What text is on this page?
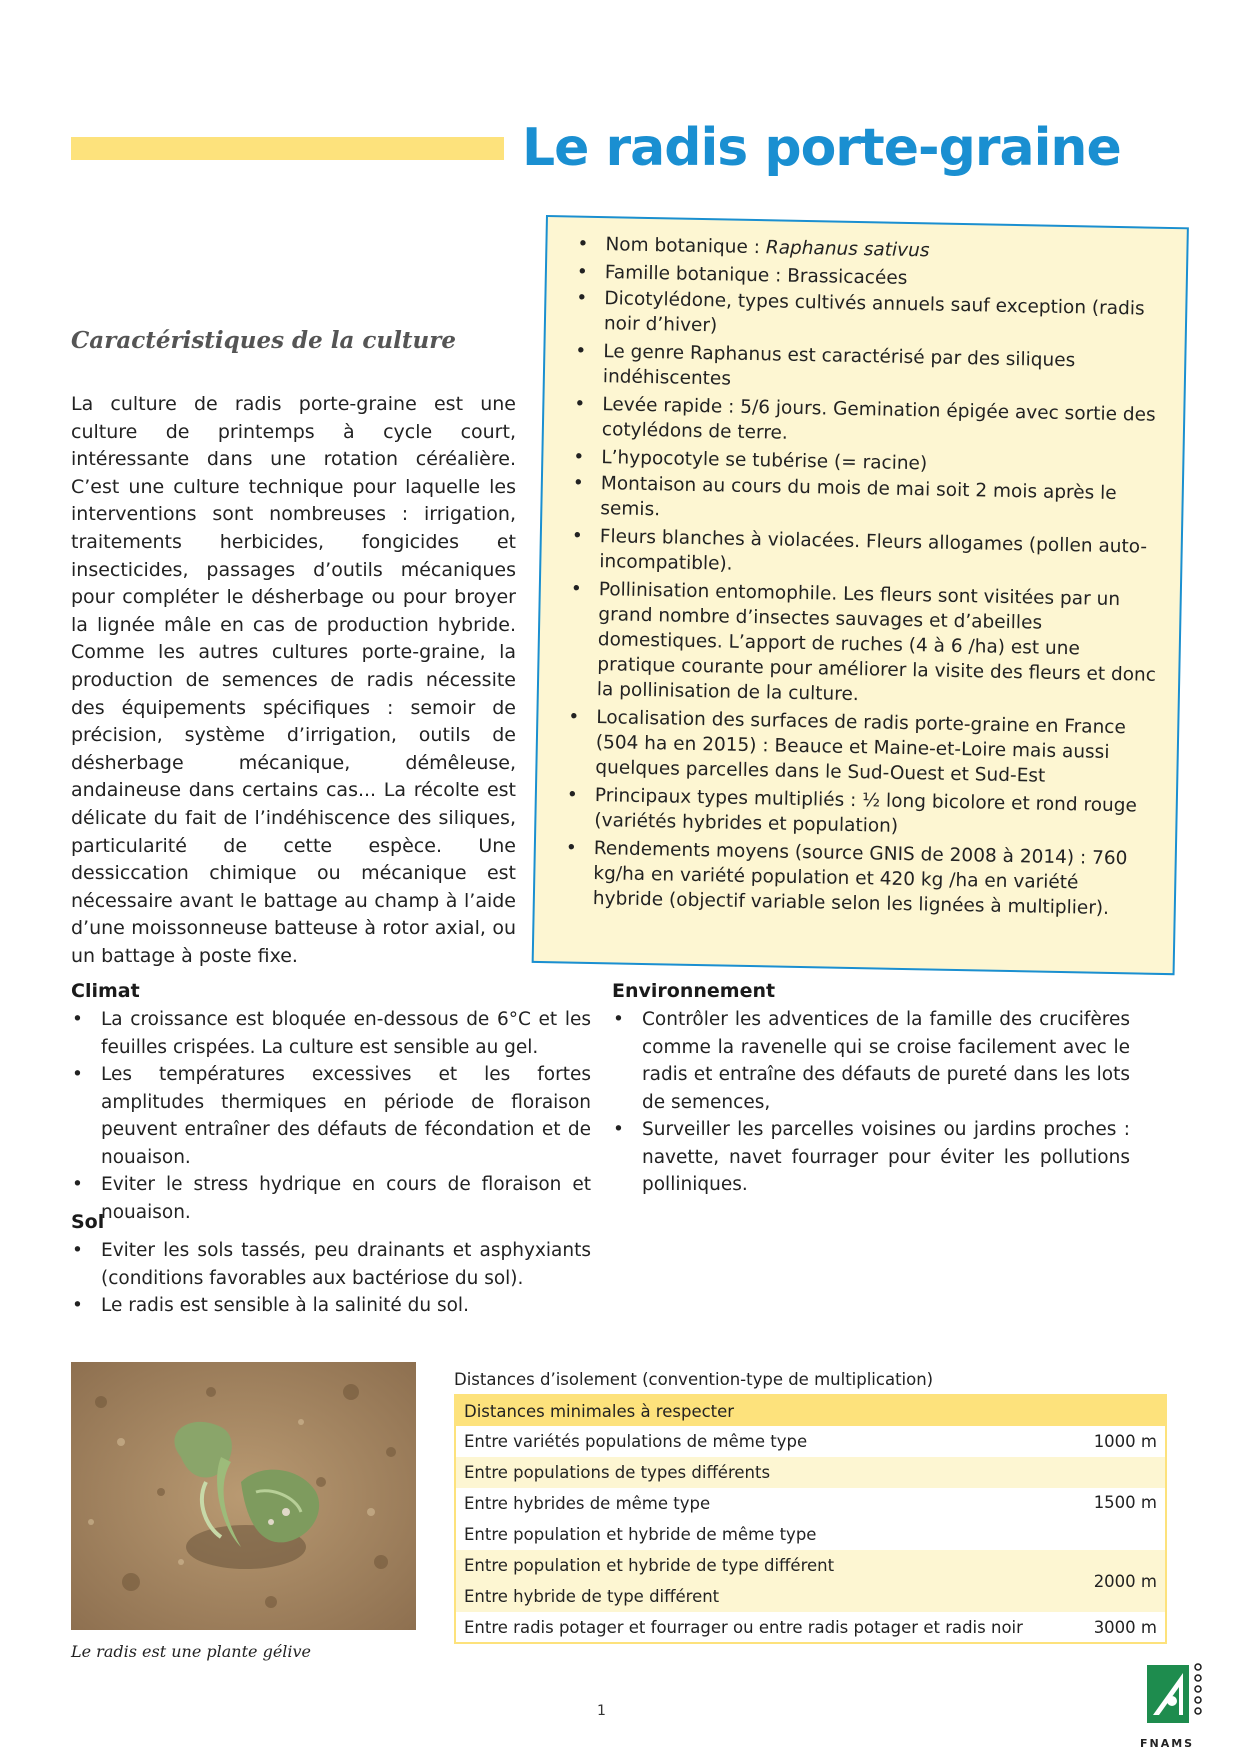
Le radis porte-graine
Caractéristiques de la culture

La culture de radis porte-graine est une culture de printemps à cycle court, intéressante dans une rotation céréalière. C’est une culture technique pour laquelle les interventions sont nombreuses : irrigation, traitements herbicides, fongicides et insecticides, passages d’outils mécaniques pour compléter le désherbage ou pour broyer la lignée mâle en cas de production hybride. Comme les autres cultures porte-graine, la production de semences de radis nécessite des équipements spécifiques : semoir de précision, système d’irrigation, outils de désherbage mécanique, démêleuse, andaineuse dans certains cas... La récolte est délicate du fait de l’indéhiscence des siliques, particularité de cette espèce. Une dessiccation chimique ou mécanique est nécessaire avant le battage au champ à l’aide d’une moissonneuse batteuse à rotor axial, ou un battage à poste fixe.

• Nom botanique : Raphanus sativus
• Famille botanique : Brassicacées
• Dicotylédone, types cultivés annuels sauf exception (radis noir d’hiver)
• Le genre Raphanus est caractérisé par des siliques indéhiscentes
• Levée rapide : 5/6 jours. Gemination épigée avec sortie des cotylédons de terre.
• L’hypocotyle se tubérise (= racine)
• Montaison au cours du mois de mai soit 2 mois après le semis.
• Fleurs blanches à violacées. Fleurs allogames (pollen auto-incompatible).
• Pollinisation entomophile. Les fleurs sont visitées par un grand nombre d’insectes sauvages et d’abeilles domestiques. L’apport de ruches (4 à 6 /ha) est une pratique courante pour améliorer la visite des fleurs et donc la pollinisation de la culture.
• Localisation des surfaces de radis porte-graine en France (504 ha en 2015) : Beauce et Maine-et-Loire mais aussi quelques parcelles dans le Sud-Ouest et Sud-Est
• Principaux types multipliés : ½ long bicolore et rond rouge (variétés hybrides et population)
• Rendements moyens (source GNIS de 2008 à 2014) : 760 kg/ha en variété population et 420 kg /ha en variété hybride (objectif variable selon les lignées à multiplier).
Climat
• La croissance est bloquée en-dessous de 6°C et les feuilles crispées. La culture est sensible au gel.
• Les températures excessives et les fortes amplitudes thermiques en période de floraison peuvent entraîner des défauts de fécondation et de nouaison.
• Eviter le stress hydrique en cours de floraison et nouaison.
Sol
• Eviter les sols tassés, peu drainants et asphyxiants (conditions favorables aux bactériose du sol).
• Le radis est sensible à la salinité du sol.
Environnement
• Contrôler les adventices de la famille des crucifères comme la ravenelle qui se croise facilement avec le radis et entraîne des défauts de pureté dans les lots de semences,
• Surveiller les parcelles voisines ou jardins proches : navette, navet fourrager pour éviter les pollutions polliniques.
Le radis est une plante gélive
Distances d’isolement (convention-type de multiplication)
Distances minimales à respecter	
Entre variétés populations de même type	1000 m
Entre populations de types différents	
Entre hybrides de même type	1500 m
Entre population et hybride de même type	
Entre population et hybride de type différent	2000 m
Entre hybride de type différent	
Entre radis potager et fourrager ou entre radis potager et radis noir	3000 m
1
FNAMS
